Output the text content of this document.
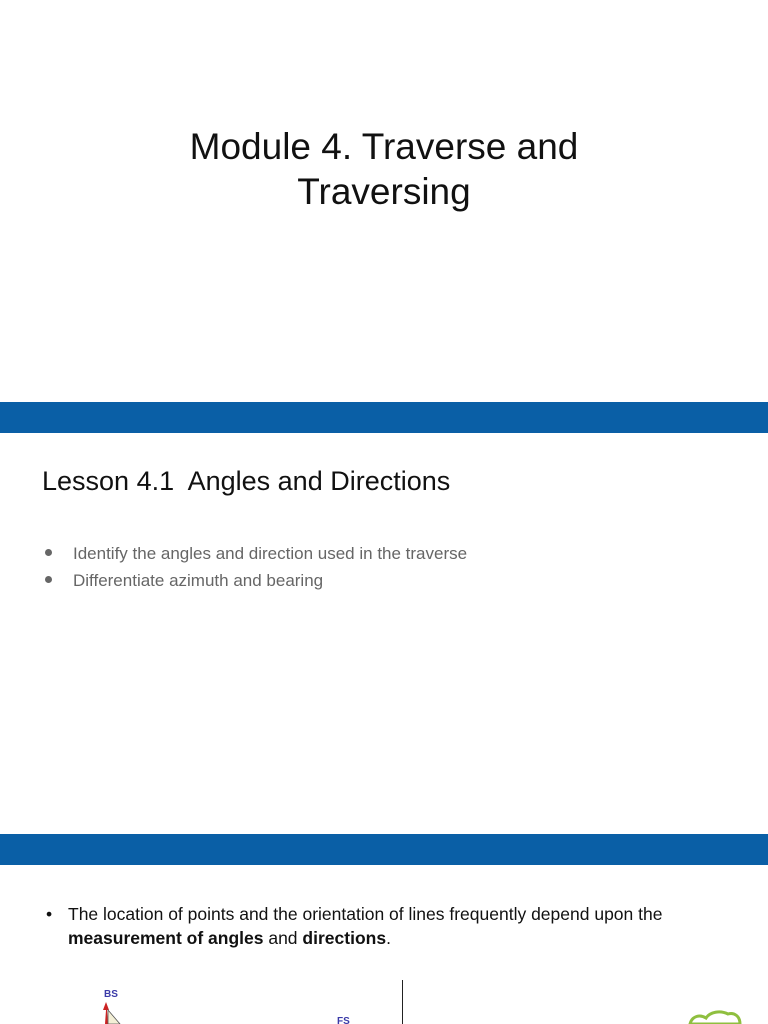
Module 4. Traverse and
Traversing
Lesson 4.1  Angles and Directions
Identify the angles and direction used in the traverse
Differentiate azimuth and bearing
• The location of points and the orientation of lines frequently depend upon the measurement of angles and directions.
BS
FS
